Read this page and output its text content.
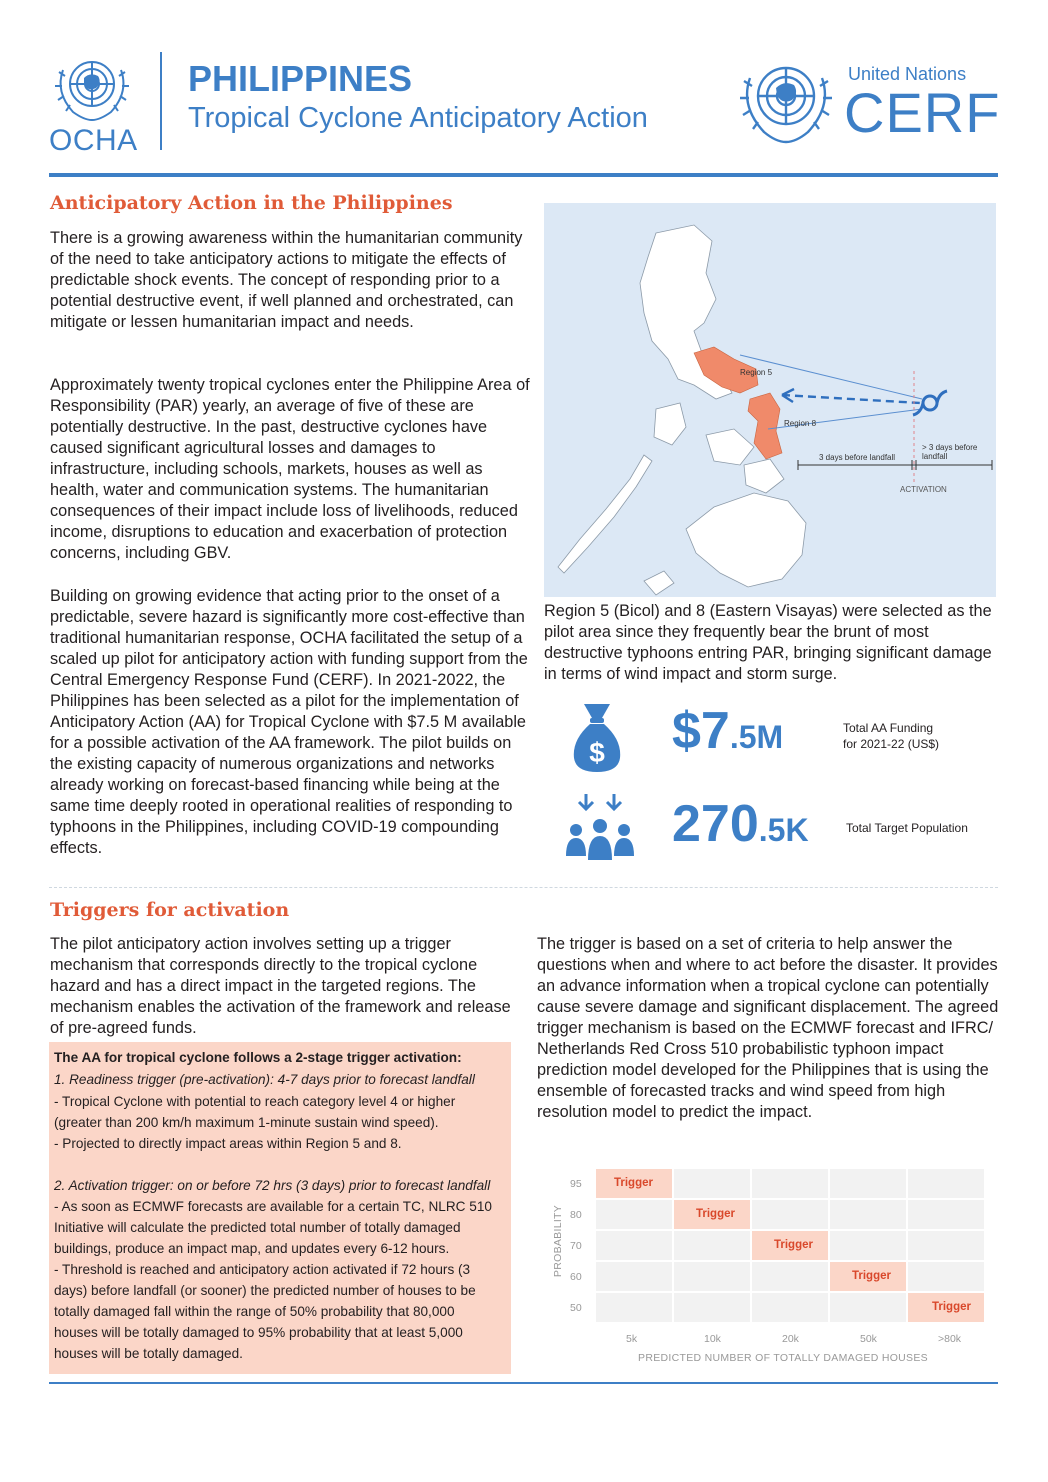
OCHA
PHILIPPINES
Tropical Cyclone Anticipatory Action
United Nations
CERF
Anticipatory Action in the Philippines

There is a growing awareness within the humanitarian community of the need to take anticipatory actions to mitigate the effects of predictable shock events. The concept of responding prior to a potential destructive event, if well planned and orchestrated, can mitigate or lessen humanitarian impact and needs.

Approximately twenty tropical cyclones enter the Philippine Area of Responsibility (PAR) yearly, an average of five of these are potentially destructive. In the past, destructive cyclones have caused significant agricultural losses and damages to infrastructure, including schools, markets, houses as well as health, water and communication systems. The humanitarian consequences of their impact include loss of livelihoods, reduced income, disruptions to education and exacerbation of protection concerns, including GBV.

Building on growing evidence that acting prior to the onset of a predictable, severe hazard is significantly more cost-effective than traditional humanitarian response, OCHA facilitated the setup of a scaled up pilot for anticipatory action with funding support from the Central Emergency Response Fund (CERF). In 2021-2022, the Philippines has been selected as a pilot for the implementation of Anticipatory Action (AA) for Tropical Cyclone with $7.5 M available for a possible activation of the AA framework. The pilot builds on the existing capacity of numerous organizations and networks already working on forecast-based financing while being at the same time deeply rooted in operational realities of responding to typhoons in the Philippines, including COVID-19 compounding effects.

Region 5
Region 8
3 days before landfall
> 3 days before
landfall
ACTIVATION

Region 5 (Bicol) and 8 (Eastern Visayas) were selected as the pilot area since they frequently bear the brunt of most destructive typhoons entring PAR, bringing significant damage in terms of wind impact and storm surge.

$ $7.5M	Total AA Funding
for 2021-22 (US$)
270.5K	Total Target Population
Triggers for activation

The pilot anticipatory action involves setting up a trigger mechanism that corresponds directly to the tropical cyclone hazard and has a direct impact in the targeted regions. The mechanism enables the activation of the framework and release of pre-agreed funds.

The trigger is based on a set of criteria to help answer the questions when and where to act before the disaster. It provides an advance information when a tropical cyclone can potentially cause severe damage and significant displacement. The agreed trigger mechanism is based on the ECMWF forecast and IFRC/ Netherlands Red Cross 510 probabilistic typhoon impact prediction model developed for the Philippines that is using the ensemble of forecasted tracks and wind speed from high resolution model to predict the impact.

The AA for tropical cyclone follows a 2-stage trigger activation:
1. Readiness trigger (pre-activation): 4-7 days prior to forecast landfall
- Tropical Cyclone with potential to reach category level 4 or higher
(greater than 200 km/h maximum 1-minute sustain wind speed).
- Projected to directly impact areas within Region 5 and 8.
2. Activation trigger: on or before 72 hrs (3 days) prior to forecast landfall
- As soon as ECMWF forecasts are available for a certain TC, NLRC 510
Initiative will calculate the predicted total number of totally damaged
buildings, produce an impact map, and updates every 6-12 hours.
- Threshold is reached and anticipatory action activated if 72 hours (3
days) before landfall (or sooner) the predicted number of houses to be
totally damaged fall within the range of 50% probability that 80,000
houses will be totally damaged to 95% probability that at least 5,000
houses will be totally damaged.
PROBABILITY
PREDICTED NUMBER OF TOTALLY DAMAGED HOUSES
95	Trigger
80	Trigger
70	Trigger
60	Trigger
50	Trigger
5k	10k	20k	50k	>80k
